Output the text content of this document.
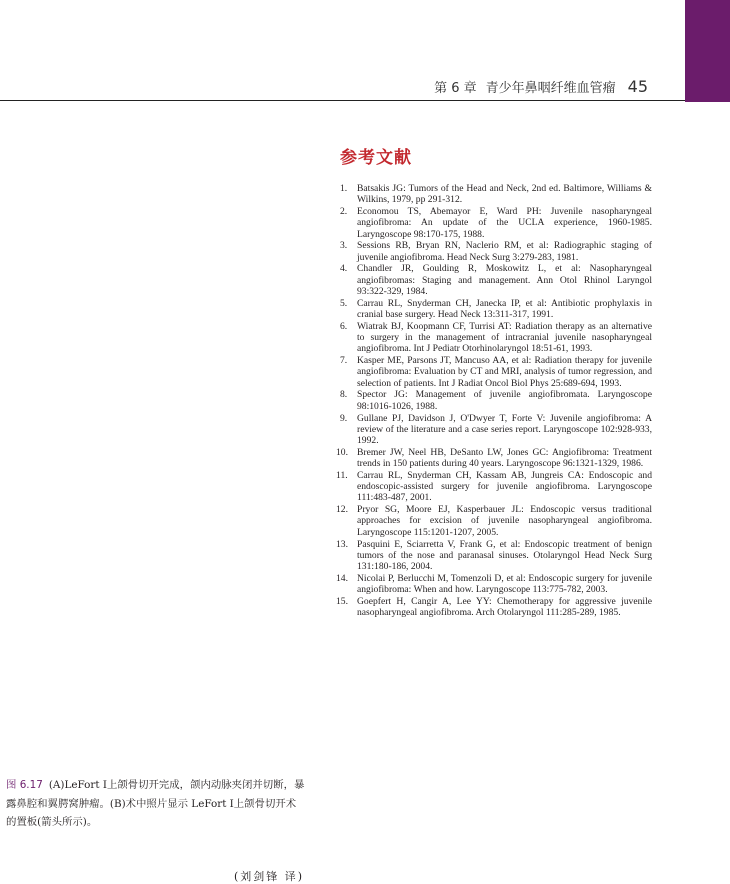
第 6 章 青少年鼻咽纤维血管瘤 45
参考文献
1. Batsakis JG: Tumors of the Head and Neck, 2nd ed. Baltimore, Williams & Wilkins, 1979, pp 291-312.
2. Economou TS, Abemayor E, Ward PH: Juvenile nasopharyngeal angiofibroma: An update of the UCLA experience, 1960-1985. Laryngoscope 98:170-175, 1988.
3. Sessions RB, Bryan RN, Naclerio RM, et al: Radiographic staging of juvenile angiofibroma. Head Neck Surg 3:279-283, 1981.
4. Chandler JR, Goulding R, Moskowitz L, et al: Nasopharyngeal angiofibromas: Staging and management. Ann Otol Rhinol Laryngol 93:322-329, 1984.
5. Carrau RL, Snyderman CH, Janecka IP, et al: Antibiotic prophylaxis in cranial base surgery. Head Neck 13:311-317, 1991.
6. Wiatrak BJ, Koopmann CF, Turrisi AT: Radiation therapy as an alternative to surgery in the management of intracranial juvenile nasopharyngeal angiofibroma. Int J Pediatr Otorhinolaryngol 18:51-61, 1993.
7. Kasper ME, Parsons JT, Mancuso AA, et al: Radiation therapy for juvenile angiofibroma: Evaluation by CT and MRI, analysis of tumor regression, and selection of patients. Int J Radiat Oncol Biol Phys 25:689-694, 1993.
8. Spector JG: Management of juvenile angiofibromata. Laryngoscope 98:1016-1026, 1988.
9. Gullane PJ, Davidson J, O'Dwyer T, Forte V: Juvenile angiofibroma: A review of the literature and a case series report. Laryngoscope 102:928-933, 1992.
10. Bremer JW, Neel HB, DeSanto LW, Jones GC: Angiofibroma: Treatment trends in 150 patients during 40 years. Laryngoscope 96:1321-1329, 1986.
11. Carrau RL, Snyderman CH, Kassam AB, Jungreis CA: Endoscopic and endoscopic-assisted surgery for juvenile angiofibroma. Laryngoscope 111:483-487, 2001.
12. Pryor SG, Moore EJ, Kasperbauer JL: Endoscopic versus traditional approaches for excision of juvenile nasopharyngeal angiofibroma. Laryngoscope 115:1201-1207, 2005.
13. Pasquini E, Sciarretta V, Frank G, et al: Endoscopic treatment of benign tumors of the nose and paranasal sinuses. Otolaryngol Head Neck Surg 131:180-186, 2004.
14. Nicolai P, Berlucchi M, Tomenzoli D, et al: Endoscopic surgery for juvenile angiofibroma: When and how. Laryngoscope 113:775-782, 2003.
15. Goepfert H, Cangir A, Lee YY: Chemotherapy for aggressive juvenile nasopharyngeal angiofibroma. Arch Otolaryngol 111:285-289, 1985.
图 6.17 (A)LeFort Ⅰ上颌骨切开完成，颌内动脉夹闭并切断，暴露鼻腔和翼腭窝肿瘤。(B)术中照片显示 LeFort Ⅰ上颌骨切开术的置板(箭头所示)。
(刘剑锋 译)
